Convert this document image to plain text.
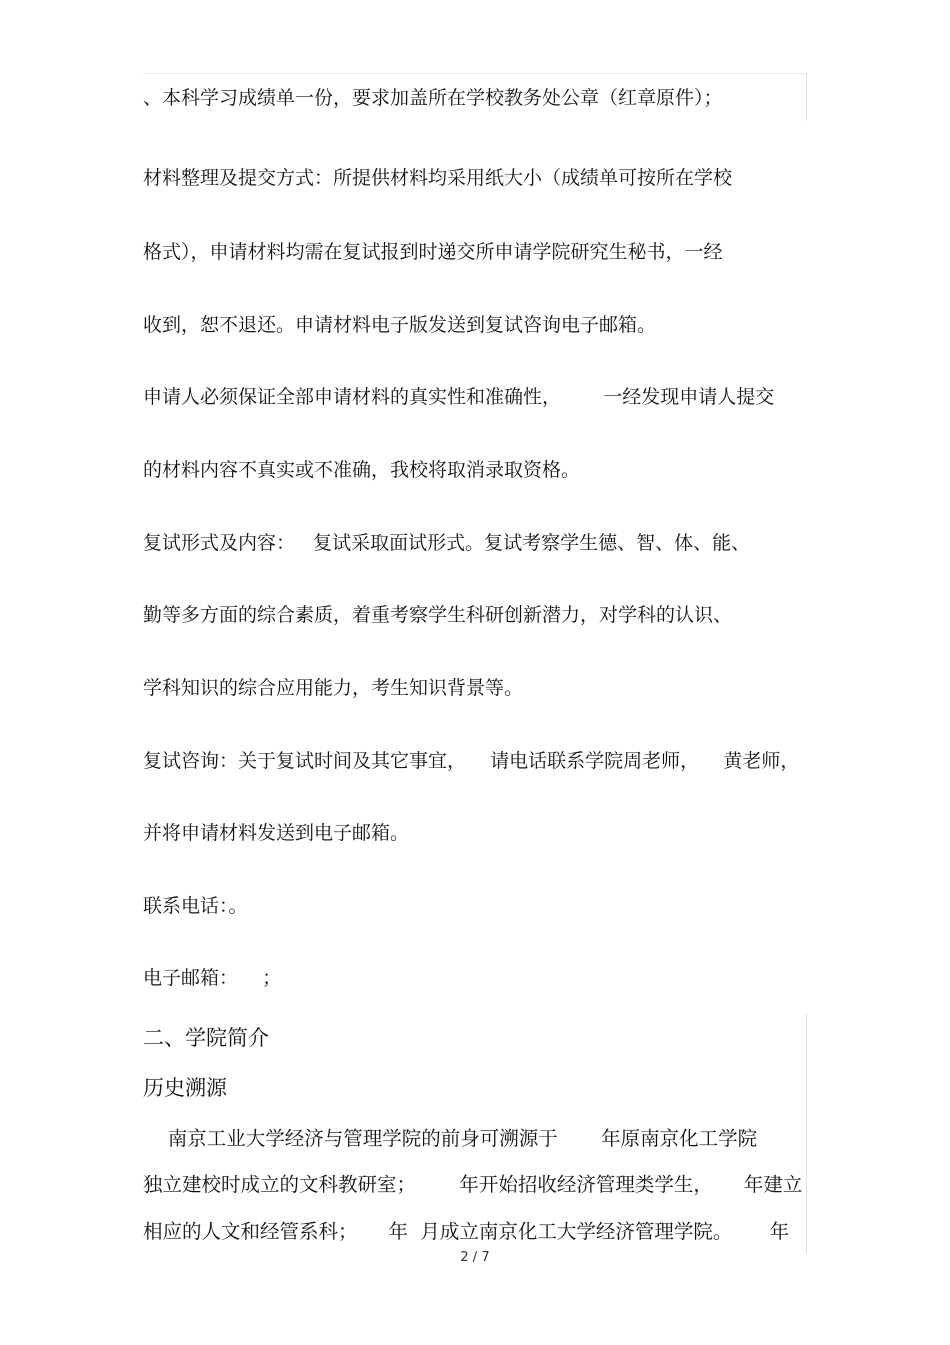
、本科学习成绩单一份，要求加盖所在学校教务处公章（红章原件）；
材料整理及提交方式：所提供材料均采用纸大小（成绩单可按所在学校
格式），申请材料均需在复试报到时递交所申请学院研究生秘书，一经
收到，恕不退还。申请材料电子版发送到复试咨询电子邮箱。
申请人必须保证全部申请材料的真实性和准确性，       一经发现申请人提交
的材料内容不真实或不准确，我校将取消录取资格。
复试形式及内容：   复试采取面试形式。复试考察学生德、智、体、能、
勤等多方面的综合素质，着重考察学生科研创新潜力，对学科的认识、
学科知识的综合应用能力，考生知识背景等。
复试咨询：关于复试时间及其它事宜，    请电话联系学院周老师，    黄老师，
并将申请材料发送到电子邮箱。
联系电话：。
电子邮箱：    ；
二、学院简介
历史溯源
南京工业大学经济与管理学院的前身可溯源于       年原南京化工学院
独立建校时成立的文科教研室；       年开始招收经济管理类学生，     年建立
相应的人文和经管系科；     年  月成立南京化工大学经济管理学院。      年
2 / 7
